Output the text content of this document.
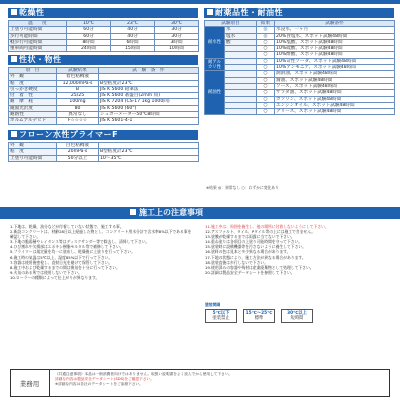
乾燥性
温　　度	10℃	23℃	30℃
上塗り可能時間	60分	40分	30分
歩行可能時間	60分	40分	30分
軽歩行可能時間	8時間	6時間	3時間
重車両可能時間	24時間	15時間	10時間
性状・物性
項　目	試験結果	試　験　条　件
外　観	着色粘稠液	
粘　度	12,000mPa·s	B型粘度計23℃
引っかき硬度	B	JIS K 5600 鉛筆法
付　着　性	25/25	JIS K 5600 碁盤目(2mm 角)
耐　摩　耗	100mg	JIS K 7204 (CS-17 1kg 1000回)
鏡面光沢度	80	JIS K 5600 (60°)
耐熱性	異常なし	シュガーメーター50℃8時間
ホルムアルデヒド	F☆☆☆☆	JIS K 5601-4-1
フローン水性プライマーF
外　観	白色粘稠液	
粘　度	20mPa·s	B型粘度計23℃
上塗り可能時間	50分以上	10～35℃
耐薬品性・耐油性
試験項目		結果	試験条件
耐水性	水	◎	水浸水、一ヶ月
	塩水	◎	20%食塩水、スポット試験48時間
	酸	○	10%塩酸、スポット試験48時間
		○	10%硫酸、スポット試験48時間
		○	10%酢酸、スポット試験48時間
耐アルカリ性		○	10%苛性ソーダ、スポット試験48時間
		○	10%アンモニア、スポット試験48時間
耐油性		○	潤滑油、スポット試験48時間
		○	醤油、スポット試験48時間
		○	ソース、スポット試験48時間
		○	サラダ油、スポット試験48時間
		○	ガソリン、スポット試験48時間
		○	エンジンオイル、スポット試験48時間
		○	グリース、スポット試験48時間
※結果 ◎：異常なし ○：わずかに変化あり
施工上の注意事項
1.下地は、乾燥、油分などが付着していない状態で、施工する事。
2.新設コンクリートは、材齢28日以上経過した物とし、コンクリート用水分計で含水率8%以下である事を確認して下さい。
3.下地の脆弱層やレイタンス等はディスクサンダー等で除去し、清掃して下さい。
4.ひび割れや欠損部はエポキシ樹脂モルタル等で補修して下さい。
5.プライマーは規定量を均一に塗布し、乾燥後に上塗りを行って下さい。
6.施工時の気温は5℃以上、湿度85%以下で行って下さい。
7.容器は使用後密栓し、直射日光を避けて保管して下さい。
8.施工中および乾燥するまでの間は換気を十分に行って下さい。
9.火気のある所では使用しないで下さい。
10.ローラーの種類によって仕上がりが異なります。
11.施工中は、周囲を養生し、他の場所に付着しないようにして下さい。
12.アスファルト、タイル、Pタイル等の上には施工できません。
13.塗膜が乾燥するまでは雨露に当てないで下さい。
14.重ね塗りは各項目の上塗り可能時間を守って下さい。
15.塗装時に設備機器等を汚さないように養生して下さい。
16.塗料の色は見本と多少異なる場合があります。
17.下地の状態により、施工方法が異なる場合があります。
18.塗装直後は歩行しないで下さい。
19.使用済みの容器や残材は産業廃棄物として処理して下さい。
20.詳細は製品安全データシートを参照して下さい。
塗装間隔
5℃以下
塗装禁止
15℃～25℃
標準
30℃以上
短時間
業務用
《共通注意事項》本品は一般消費者向けではありません。取扱い説明書をよく読んでから使用して下さい。
詳細な内容は製品安全データシート(SDS)をご確認下さい。
※詳細な内容は各社のデータシートをご参照下さい。
